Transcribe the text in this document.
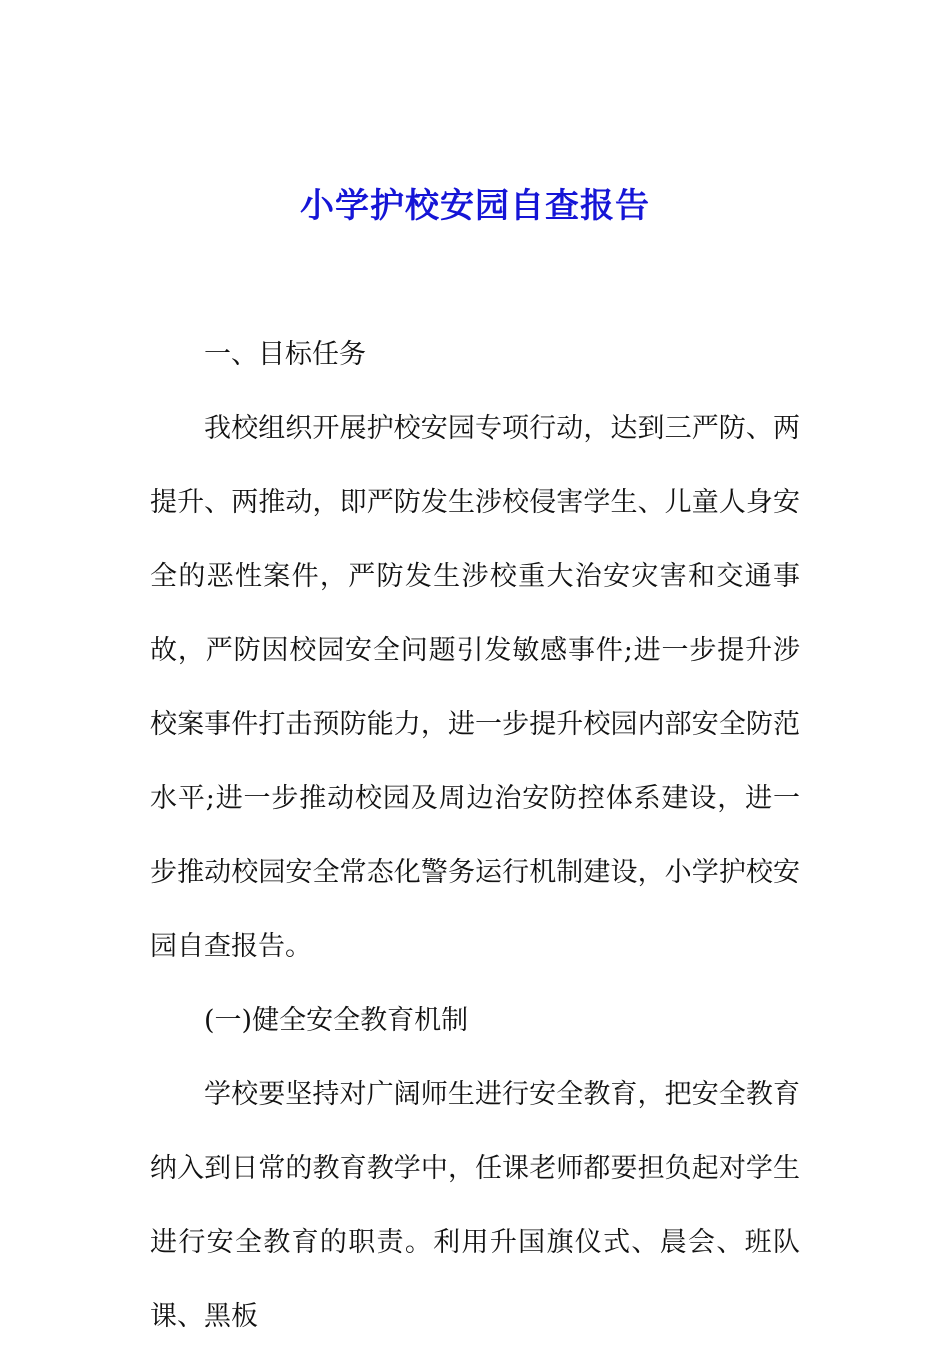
小学护校安园自查报告

一、目标任务

我校组织开展护校安园专项行动，达到三严防、两提升、两推动，即严防发生涉校侵害学生、儿童人身安全的恶性案件，严防发生涉校重大治安灾害和交通事故，严防因校园安全问题引发敏感事件;进一步提升涉校案事件打击预防能力，进一步提升校园内部安全防范水平;进一步推动校园及周边治安防控体系建设，进一步推动校园安全常态化警务运行机制建设，小学护校安园自查报告。

(一)健全安全教育机制

学校要坚持对广阔师生进行安全教育，把安全教育纳入到日常的教育教学中，任课老师都要担负起对学生进行安全教育的职责。利用升国旗仪式、晨会、班队课、黑板
